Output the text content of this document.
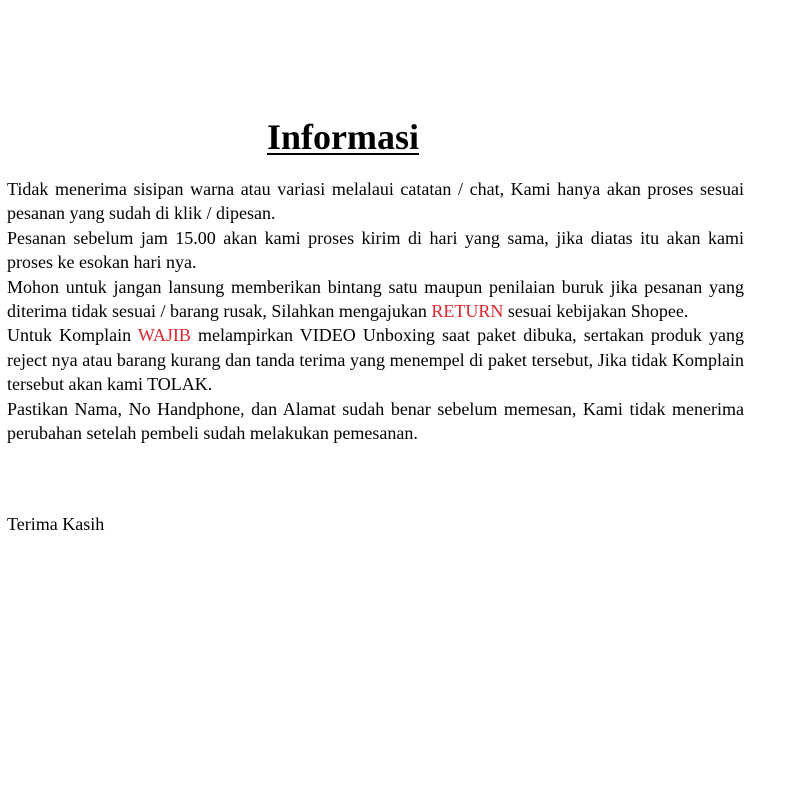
Informasi

Tidak menerima sisipan warna atau variasi melalaui catatan / chat, Kami hanya akan proses sesuai pesanan yang sudah di klik / dipesan.

Pesanan sebelum jam 15.00 akan kami proses kirim di hari yang sama, jika diatas itu akan kami proses ke esokan hari nya.

Mohon untuk jangan lansung memberikan bintang satu maupun penilaian buruk jika pesanan yang diterima tidak sesuai / barang rusak, Silahkan mengajukan RETURN sesuai kebijakan Shopee.

Untuk Komplain WAJIB melampirkan VIDEO Unboxing saat paket dibuka, sertakan produk yang reject nya atau barang kurang dan tanda terima yang menempel di paket tersebut, Jika tidak Komplain tersebut akan kami TOLAK.

Pastikan Nama, No Handphone, dan Alamat sudah benar sebelum memesan, Kami tidak menerima perubahan setelah pembeli sudah melakukan pemesanan.

Terima Kasih
